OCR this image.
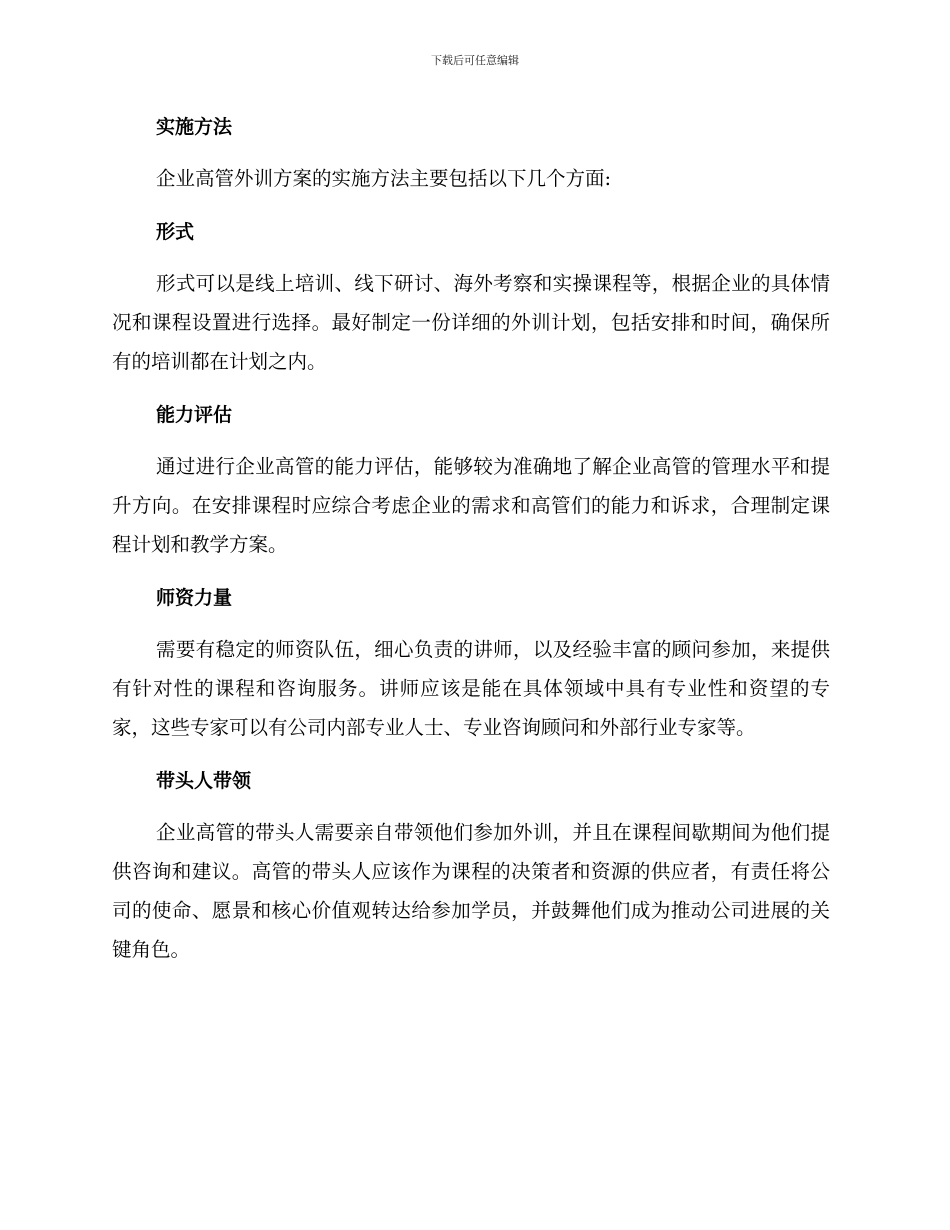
下载后可任意编辑
实施方法

企业高管外训方案的实施方法主要包括以下几个方面:

形式

形式可以是线上培训、线下研讨、海外考察和实操课程等，根据企业的具体情况和课程设置进行选择。最好制定一份详细的外训计划，包括安排和时间，确保所有的培训都在计划之内。

能力评估

通过进行企业高管的能力评估，能够较为准确地了解企业高管的管理水平和提升方向。在安排课程时应综合考虑企业的需求和高管们的能力和诉求，合理制定课程计划和教学方案。

师资力量

需要有稳定的师资队伍，细心负责的讲师，以及经验丰富的顾问参加，来提供有针对性的课程和咨询服务。讲师应该是能在具体领域中具有专业性和资望的专家，这些专家可以有公司内部专业人士、专业咨询顾问和外部行业专家等。

带头人带领

企业高管的带头人需要亲自带领他们参加外训，并且在课程间歇期间为他们提供咨询和建议。高管的带头人应该作为课程的决策者和资源的供应者，有责任将公司的使命、愿景和核心价值观转达给参加学员，并鼓舞他们成为推动公司进展的关键角色。
